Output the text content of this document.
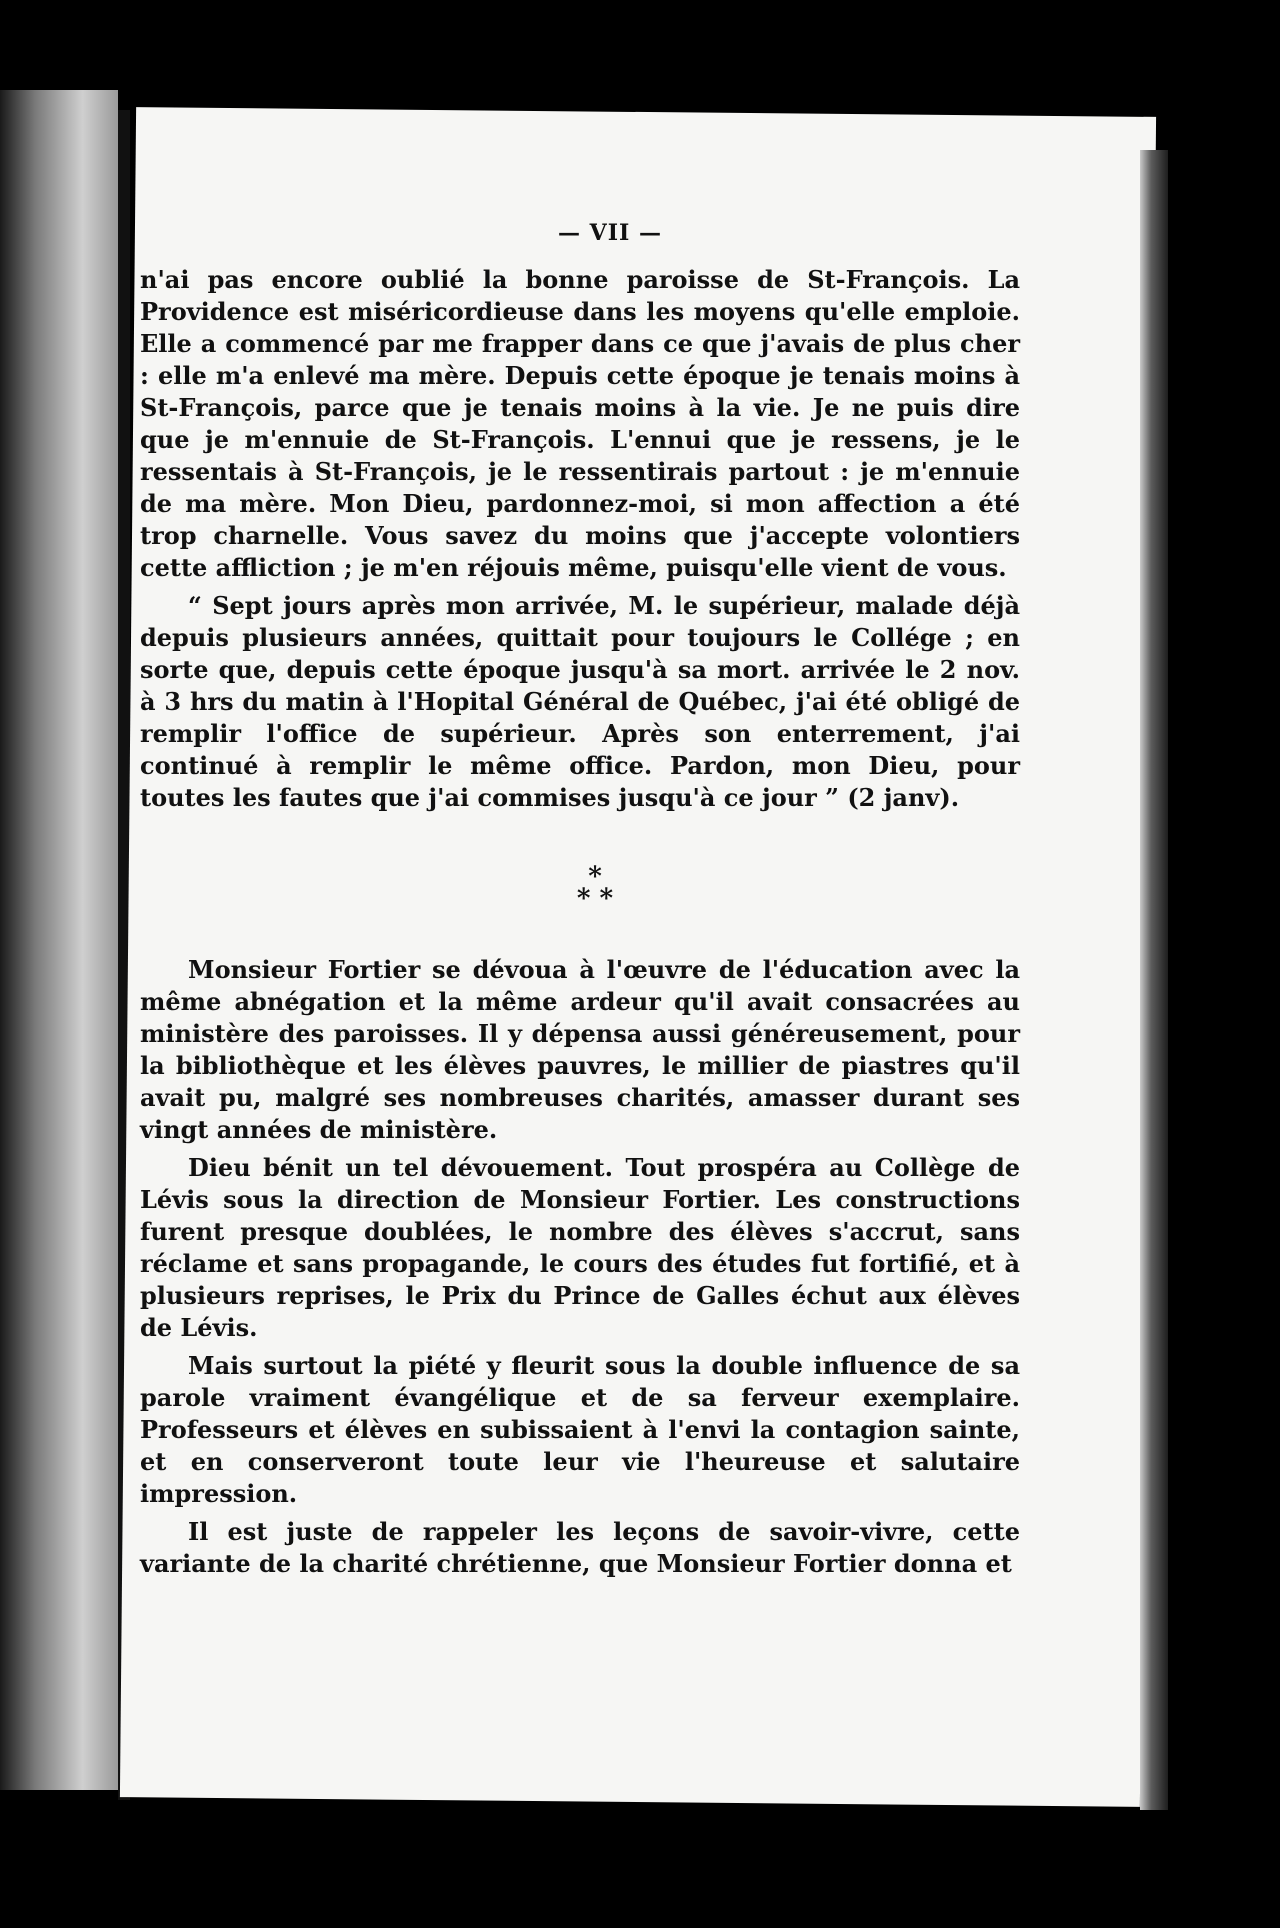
— VII —

n'ai pas encore oublié la bonne paroisse de St-François. La Providence est miséricordieuse dans les moyens qu'elle emploie. Elle a commencé par me frapper dans ce que j'avais de plus cher : elle m'a enlevé ma mère. Depuis cette époque je tenais moins à St-François, parce que je tenais moins à la vie. Je ne puis dire que je m'ennuie de St-François. L'ennui que je ressens, je le ressentais à St-François, je le ressentirais partout : je m'ennuie de ma mère. Mon Dieu, pardonnez-moi, si mon affection a été trop charnelle. Vous savez du moins que j'accepte volontiers cette affliction ; je m'en réjouis même, puisqu'elle vient de vous.

“ Sept jours après mon arrivée, M. le supérieur, malade déjà depuis plusieurs années, quittait pour toujours le Collége ; en sorte que, depuis cette époque jusqu'à sa mort. arrivée le 2 nov. à 3 hrs du matin à l'Hopital Général de Québec, j'ai été obligé de remplir l'office de supérieur. Après son enterrement, j'ai continué à remplir le même office. Pardon, mon Dieu, pour toutes les fautes que j'ai commises jusqu'à ce jour ” (2 janv).

*
* *

Monsieur Fortier se dévoua à l'œuvre de l'éducation avec la même abnégation et la même ardeur qu'il avait consacrées au ministère des paroisses. Il y dépensa aussi généreusement, pour la bibliothèque et les élèves pauvres, le millier de piastres qu'il avait pu, malgré ses nombreuses charités, amasser durant ses vingt années de ministère.

Dieu bénit un tel dévouement. Tout prospéra au Collège de Lévis sous la direction de Monsieur Fortier. Les constructions furent presque doublées, le nombre des élèves s'accrut, sans réclame et sans propagande, le cours des études fut fortifié, et à plusieurs reprises, le Prix du Prince de Galles échut aux élèves de Lévis.

Mais surtout la piété y fleurit sous la double influence de sa parole vraiment évangélique et de sa ferveur exemplaire. Professeurs et élèves en subissaient à l'envi la contagion sainte, et en conserveront toute leur vie l'heureuse et salutaire impression.

Il est juste de rappeler les leçons de savoir-vivre, cette variante de la charité chrétienne, que Monsieur Fortier donna et
